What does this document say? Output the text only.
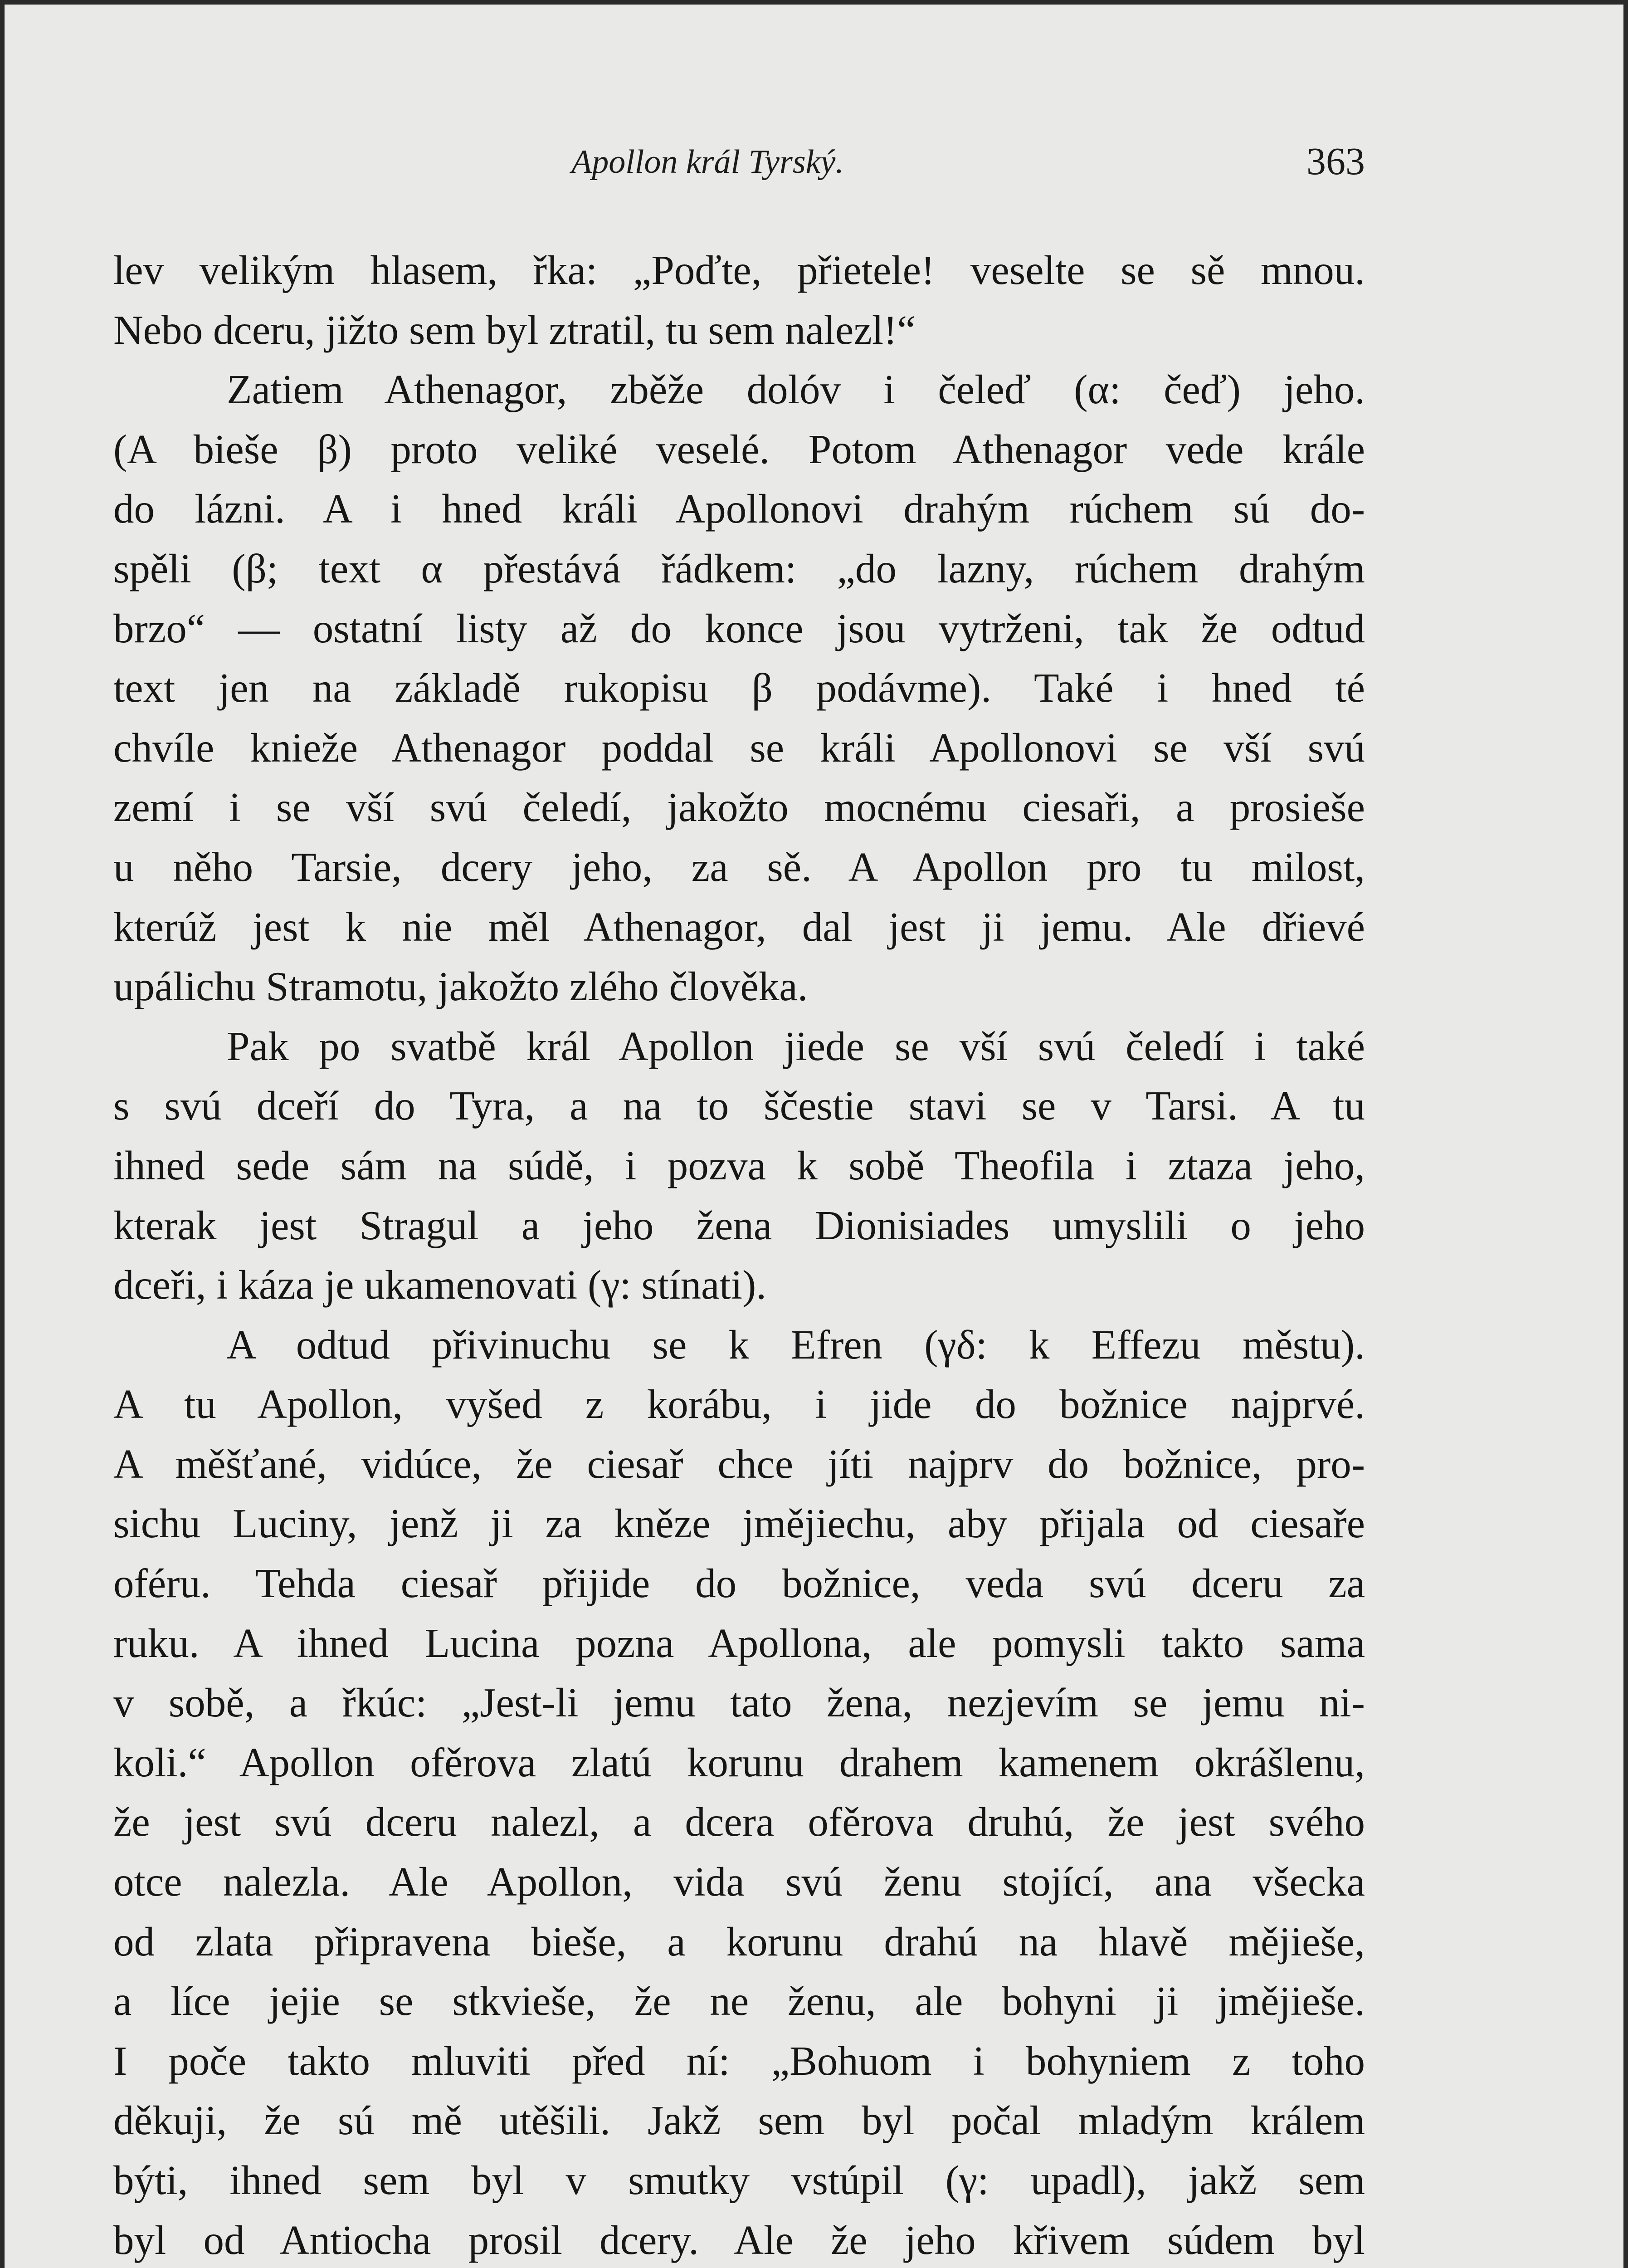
Apollon král Tyrský.	363
lev velikým hlasem, řka: „Poďte, přietele! veselte se sě mnou.
Nebo dceru, jižto sem byl ztratil, tu sem nalezl!“
Zatiem Athenagor, zběže dolóv i čeleď (α: čeď) jeho.
(A bieše β) proto veliké veselé. Potom Athenagor vede krále
do lázni. A i hned králi Apollonovi drahým rúchem sú do-
spěli (β; text α přestává řádkem: „do lazny, rúchem drahým
brzo“ — ostatní listy až do konce jsou vytrženi, tak že odtud
text jen na základě rukopisu β podávme). Také i hned té
chvíle knieže Athenagor poddal se králi Apollonovi se vší svú
zemí i se vší svú čeledí, jakožto mocnému ciesaři, a prosieše
u něho Tarsie, dcery jeho, za sě. A Apollon pro tu milost,
kterúž jest k nie měl Athenagor, dal jest ji jemu. Ale dřievé
upálichu Stramotu, jakožto zlého člověka.
Pak po svatbě král Apollon jiede se vší svú čeledí i také
s svú dceří do Tyra, a na to ščestie stavi se v Tarsi. A tu
ihned sede sám na súdě, i pozva k sobě Theofila i ztaza jeho,
kterak jest Stragul a jeho žena Dionisiades umyslili o jeho
dceři, i káza je ukamenovati (γ: stínati).
A odtud přivinuchu se k Efren (γδ: k Effezu městu).
A tu Apollon, vyšed z korábu, i jide do božnice najprvé.
A měšťané, vidúce, že ciesař chce jíti najprv do božnice, pro-
sichu Luciny, jenž ji za kněze jmějiechu, aby přijala od ciesaře
oféru. Tehda ciesař přijide do božnice, veda svú dceru za
ruku. A ihned Lucina pozna Apollona, ale pomysli takto sama
v sobě, a řkúc: „Jest-li jemu tato žena, nezjevím se jemu ni-
koli.“ Apollon ofěrova zlatú korunu drahem kamenem okrášlenu,
že jest svú dceru nalezl, a dcera ofěrova druhú, že jest svého
otce nalezla. Ale Apollon, vida svú ženu stojící, ana všecka
od zlata připravena bieše, a korunu drahú na hlavě mějieše,
a líce jejie se stkvieše, že ne ženu, ale bohyni ji jmějieše.
I poče takto mluviti před ní: „Bohuom i bohyniem z toho
děkuji, že sú mě utěšili. Jakž sem byl počal mladým králem
býti, ihned sem byl v smutky vstúpil (γ: upadl), jakž sem
byl od Antiocha prosil dcery. Ale že jeho křivem súdem byl
